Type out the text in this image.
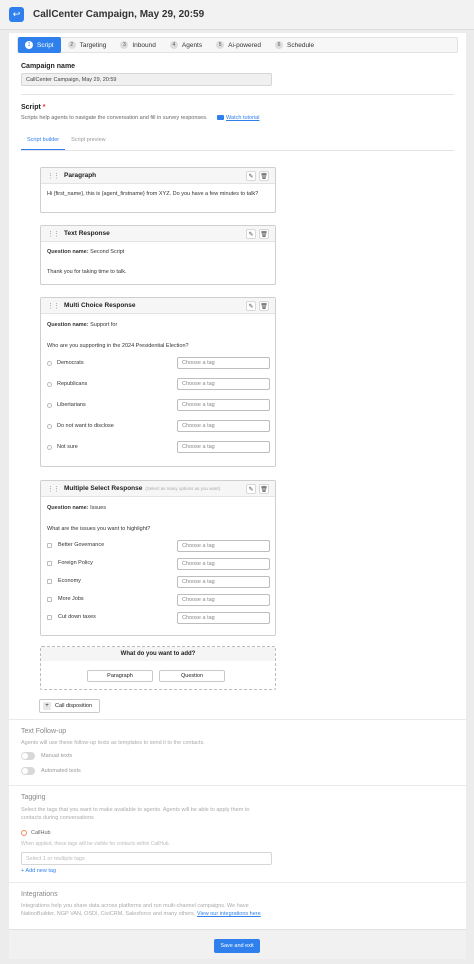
↩	CallCenter Campaign, May 29, 20:59
1	Script	2	Targeting	3	Inbound	4	Agents	5	Ai-powered	6	Schedule
Campaign name
CallCenter Campaign, May 29, 20:59
Script *
Scripts help agents to navigate the conversation and fill in survey responses.	Watch tutorial
Script builder	Script preview
⋮⋮ Paragraph	✎	🗑
Hi {first_name}, this is {agent_firstname} from XYZ. Do you have a few minutes to talk?
⋮⋮ Text Response	✎	🗑
Question name: Second Script
Thank you for taking time to talk.
⋮⋮ Multi Choice Response	✎	🗑
Question name: Support for
Who are you supporting in the 2024 Presidential Election?
Democrats	Choose a tag
Republicans	Choose a tag
Libertarians	Choose a tag
Do not want to disclose	Choose a tag
Not sure	Choose a tag
⋮⋮ Multiple Select Response (Select as many options as you want)	✎	🗑
Question name: Issues
What are the issues you want to highlight?
Better Governance	Choose a tag
Foreign Policy	Choose a tag
Economy	Choose a tag
More Jobs	Choose a tag
Cut down taxes	Choose a tag
What do you want to add?
Paragraph	Question
+	Call disposition
Text Follow-up
Agents will use these follow-up texts as templates to send it to the contacts.
Manual texts
Automated texts
Tagging
Select the tags that you want to make available to agents. Agents will be able to apply them to contacts during conversations
CallHub
When applied, these tags will be visible for contacts within CallHub.
Select 1 or multiple tags
+ Add new tag
Integrations
Integrations help you share data across platforms and run multi-channel campaigns. We have
NationBuilder, NGP VAN, OSDI, CiviCRM, Salesforce and many others. View our integrations here
Save and exit
